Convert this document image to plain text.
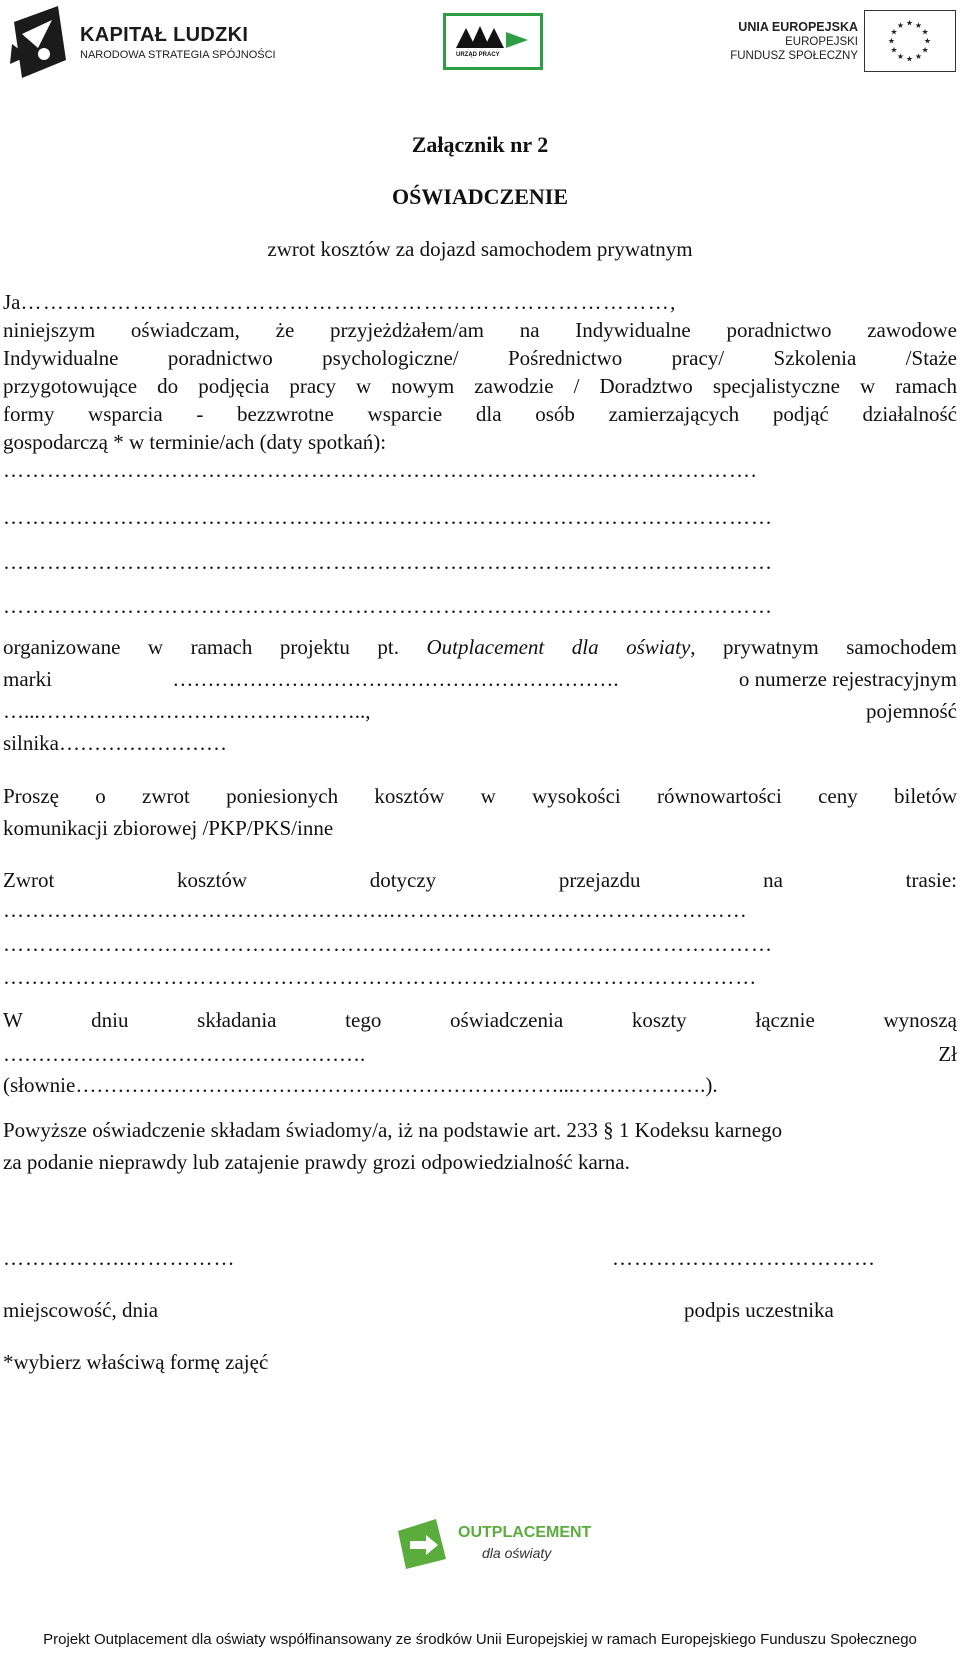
KAPITAŁ LUDZKI
NARODOWA STRATEGIA SPÓJNOŚCI	URZĄD PRACY
UNIA EUROPEJSKA
EUROPEJSKI
FUNDUSZ SPOŁECZNY
★
★
★
★
★
★
★
★
★ ★ ★
★
Załącznik nr 2
OŚWIADCZENIE
zwrot kosztów za dojazd samochodem prywatnym
Ja……………………………………………………………………………,
niniejszym oświadczam, że przyjeżdżałem/am na Indywidualne poradnictwo zawodowe
Indywidualne poradnictwo psychologiczne/ Pośrednictwo pracy/ Szkolenia /Staże
przygotowujące do podjęcia pracy w nowym zawodzie / Doradztwo specjalistyczne w ramach
formy wsparcia - bezzwrotne wsparcie dla osób zamierzających podjąć działalność
gospodarczą * w terminie/ach (daty spotkań):
………………………………………………………………………………………….
……………………………………………………………………………………………
……………………………………………………………………………………………
……………………………………………………………………………………………
organizowane w ramach projektu pt. Outplacement dla oświaty, prywatnym samochodem
marki	……………………………………………………….	o numerze rejestracyjnym
…...………………………………………..,	pojemność
silnika……………………
Proszę o zwrot poniesionych kosztów w wysokości równowartości ceny biletów
komunikacji zbiorowej /PKP/PKS/inne
Zwrot kosztów dotyczy przejazdu na trasie:
……………………………………………...…………………………………………
……………………………………………………………………………………………
….………………………………………………………………………………………
W dniu składania tego oświadczenia koszty łącznie wynoszą
…………………………………………….	Zł
(słownie……………………………………………………………...……………….).
Powyższe oświadczenie składam świadomy/a, iż na podstawie art. 233 § 1 Kodeksu karnego
za podanie nieprawdy lub zatajenie prawdy grozi odpowiedzialność karna.
……………..……………	………………………………
miejscowość, dnia	podpis uczestnika
*wybierz właściwą formę zajęć
OUTPLACEMENT
dla oświaty
Projekt Outplacement dla oświaty współfinansowany ze środków Unii Europejskiej w ramach Europejskiego Funduszu Społecznego
